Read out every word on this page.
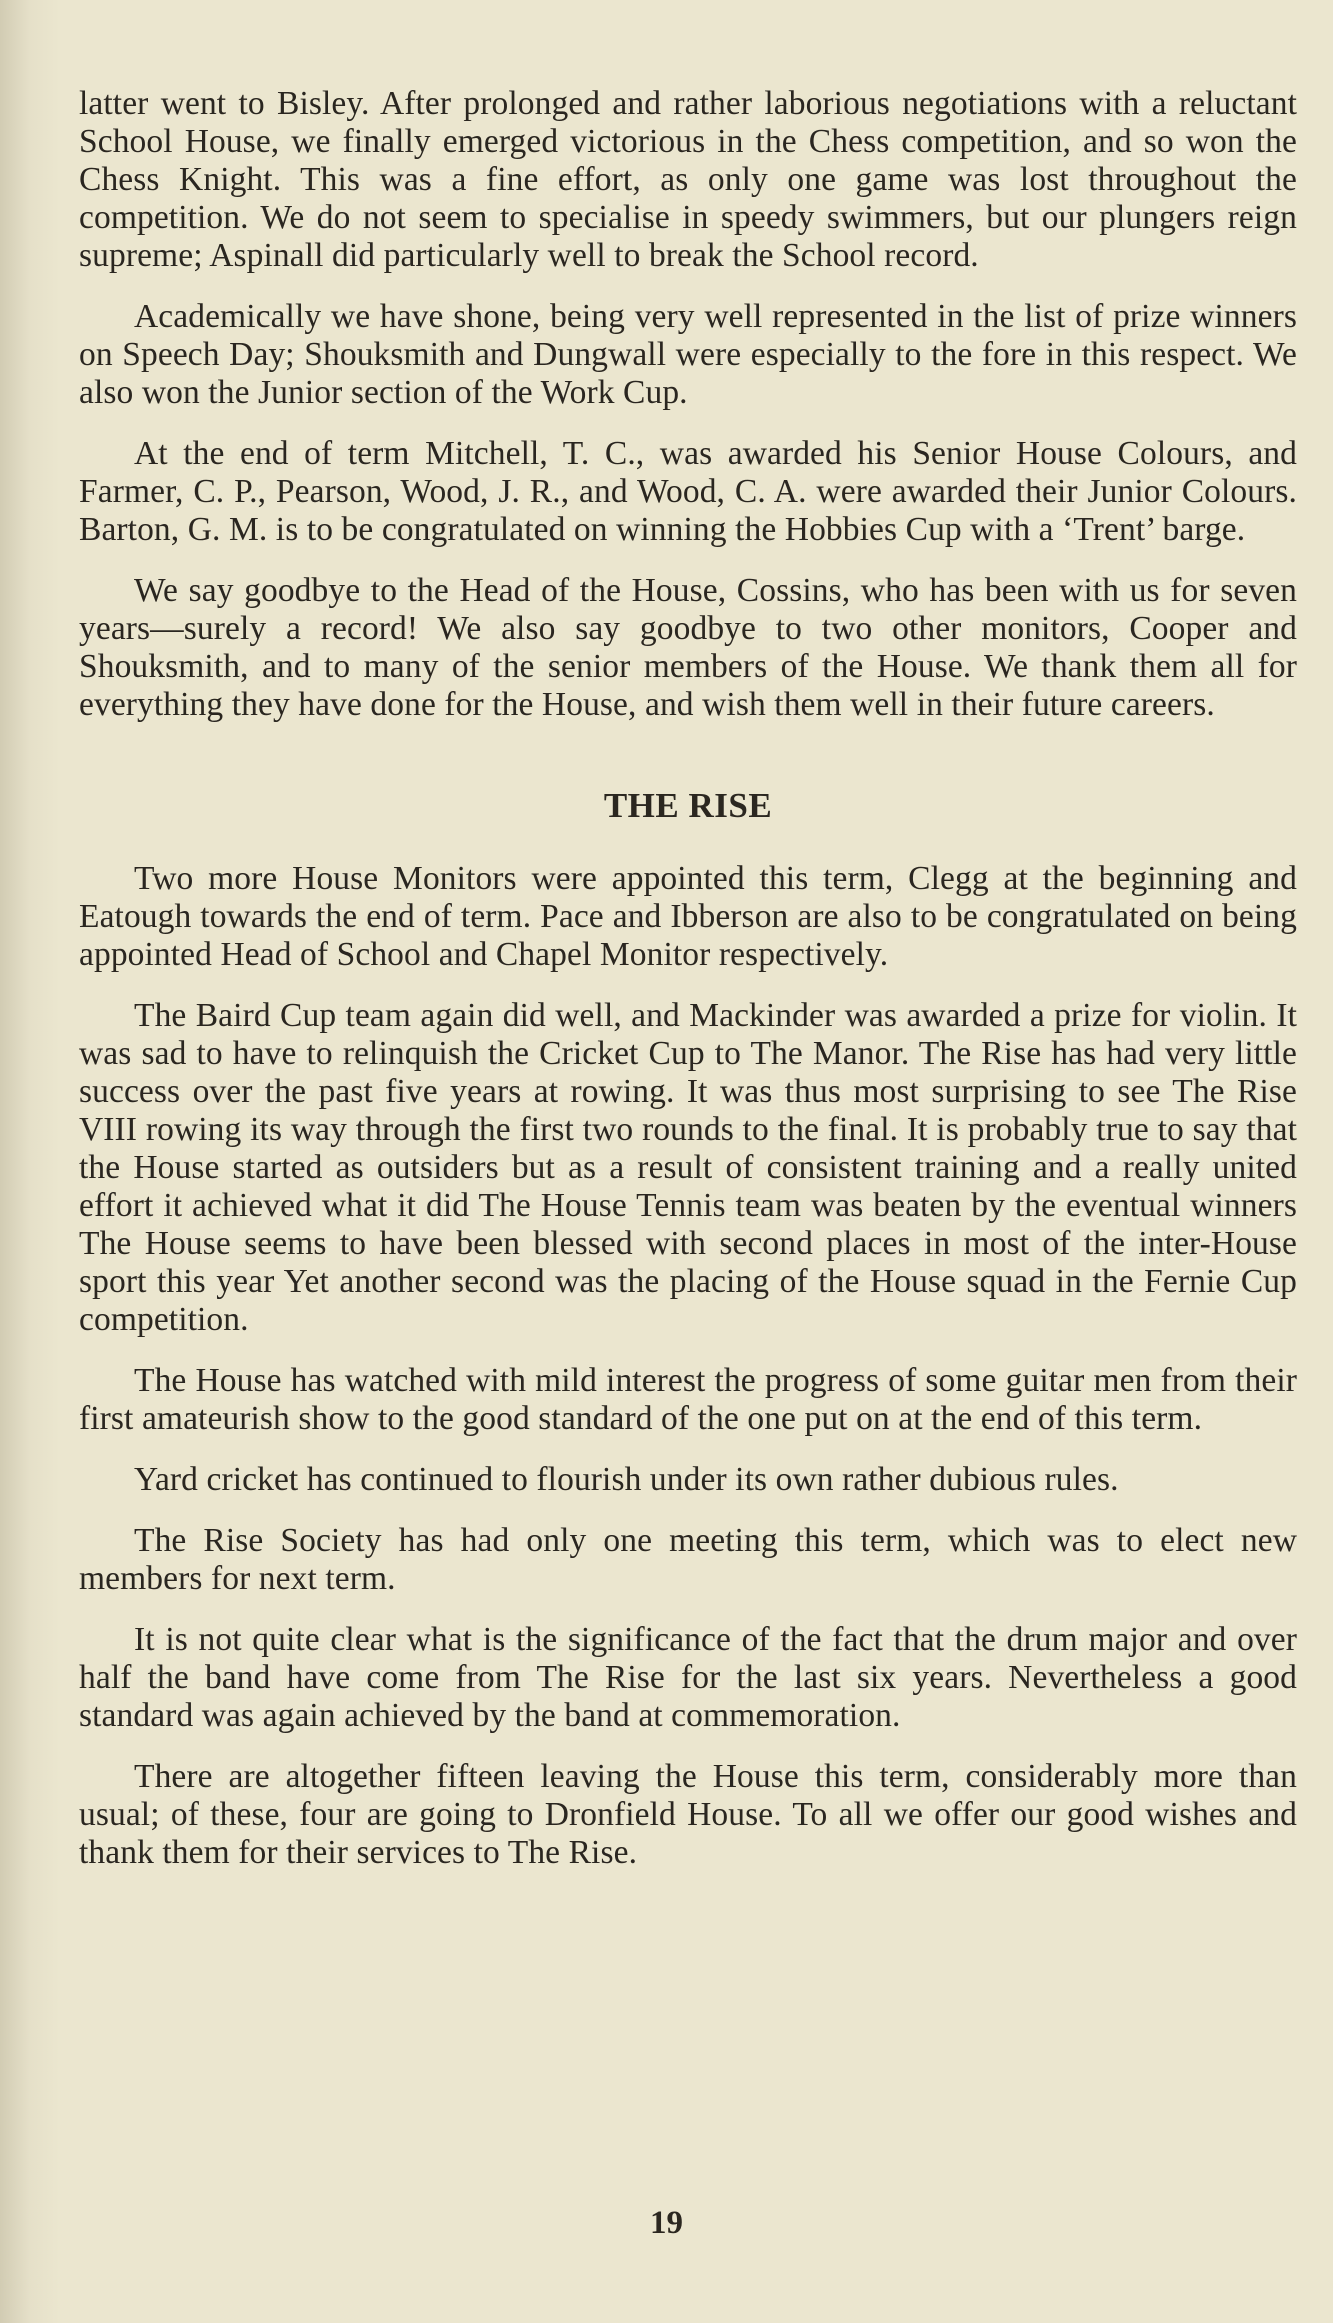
latter went to Bisley. After prolonged and rather laborious negotiations with a reluctant School House, we finally emerged victorious in the Chess competition, and so won the Chess Knight. This was a fine effort, as only one game was lost throughout the competition. We do not seem to specialise in speedy swimmers, but our plungers reign supreme; Aspinall did particularly well to break the School record.

Academically we have shone, being very well represented in the list of prize winners on Speech Day; Shouksmith and Dungwall were especially to the fore in this respect. We also won the Junior section of the Work Cup.

At the end of term Mitchell, T. C., was awarded his Senior House Colours, and Farmer, C. P., Pearson, Wood, J. R., and Wood, C. A. were awarded their Junior Colours. Barton, G. M. is to be congratulated on winning the Hobbies Cup with a ‘Trent’ barge.

We say goodbye to the Head of the House, Cossins, who has been with us for seven years—surely a record! We also say goodbye to two other monitors, Cooper and Shouksmith, and to many of the senior members of the House. We thank them all for everything they have done for the House, and wish them well in their future careers.

THE RISE

Two more House Monitors were appointed this term, Clegg at the beginning and Eatough towards the end of term. Pace and Ibberson are also to be congratulated on being appointed Head of School and Chapel Monitor respectively.

The Baird Cup team again did well, and Mackinder was awarded a prize for violin. It was sad to have to relinquish the Cricket Cup to The Manor. The Rise has had very little success over the past five years at rowing. It was thus most surprising to see The Rise VIII rowing its way through the first two rounds to the final. It is probably true to say that the House started as outsiders but as a result of consistent training and a really united effort it achieved what it did The House Tennis team was beaten by the eventual winners The House seems to have been blessed with second places in most of the inter-House sport this year Yet another second was the placing of the House squad in the Fernie Cup competition.

The House has watched with mild interest the progress of some guitar men from their first amateurish show to the good standard of the one put on at the end of this term.

Yard cricket has continued to flourish under its own rather dubious rules.

The Rise Society has had only one meeting this term, which was to elect new members for next term.

It is not quite clear what is the significance of the fact that the drum major and over half the band have come from The Rise for the last six years. Nevertheless a good standard was again achieved by the band at commemoration.

There are altogether fifteen leaving the House this term, considerably more than usual; of these, four are going to Dronfield House. To all we offer our good wishes and thank them for their services to The Rise.

19
